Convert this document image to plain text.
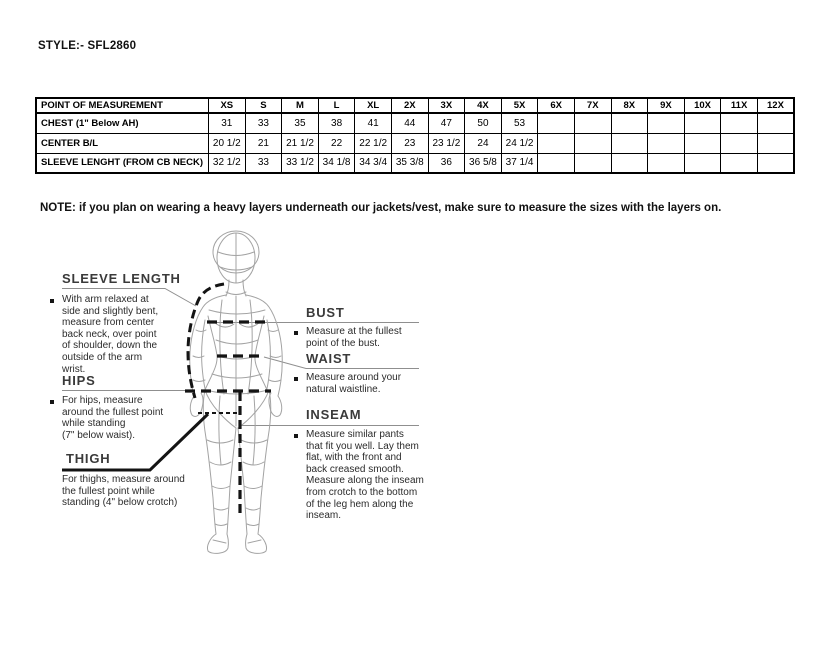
STYLE:- SFL2860
POINT OF MEASUREMENT	XS	S	M	L	XL	2X	3X	4X	5X	6X	7X	8X	9X	10X	11X	12X
CHEST (1" Below AH)	31	33	35	38	41	44	47	50	53							
CENTER B/L	20 1/2	21	21 1/2	22	22 1/2	23	23 1/2	24	24 1/2							
SLEEVE LENGHT (FROM CB NECK)	32 1/2	33	33 1/2	34 1/8	34 3/4	35 3/8	36	36 5/8	37 1/4							
NOTE: if you plan on wearing a heavy layers underneath our jackets/vest, make sure to measure the sizes with the layers on.
SLEEVE LENGTH
With arm relaxed at
side and slightly bent,
measure from center
back neck, over point
of shoulder, down the
outside of the arm
wrist.
HIPS
For hips, measure
around the fullest point
while standing
(7" below waist).
THIGH
For thighs, measure around
the fullest point while
standing (4" below crotch)
BUST
Measure at the fullest
point of the bust.
WAIST
Measure around your
natural waistline.
INSEAM
Measure similar pants
that fit you well. Lay them
flat, with the front and
back creased smooth.
Measure along the inseam
from crotch to the bottom
of the leg hem along the
inseam.
